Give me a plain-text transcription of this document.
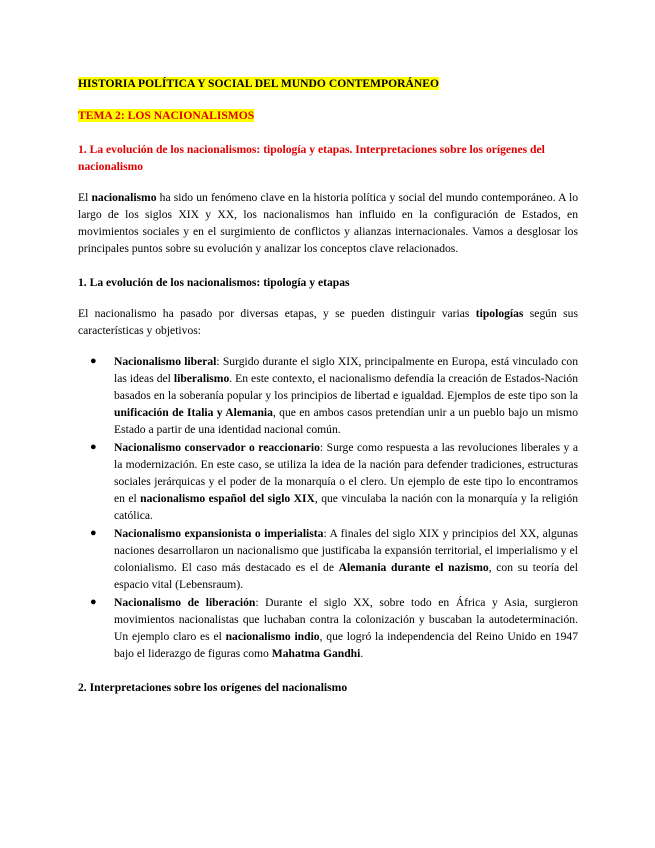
HISTORIA POLÍTICA Y SOCIAL DEL MUNDO CONTEMPORÁNEO

TEMA 2: LOS NACIONALISMOS

1. La evolución de los nacionalismos: tipología y etapas. Interpretaciones sobre los orígenes del nacionalismo

El nacionalismo ha sido un fenómeno clave en la historia política y social del mundo contemporáneo. A lo largo de los siglos XIX y XX, los nacionalismos han influido en la configuración de Estados, en movimientos sociales y en el surgimiento de conflictos y alianzas internacionales. Vamos a desglosar los principales puntos sobre su evolución y analizar los conceptos clave relacionados.

1. La evolución de los nacionalismos: tipología y etapas

El nacionalismo ha pasado por diversas etapas, y se pueden distinguir varias tipologías según sus características y objetivos:

● Nacionalismo liberal: Surgido durante el siglo XIX, principalmente en Europa, está vinculado con las ideas del liberalismo. En este contexto, el nacionalismo defendía la creación de Estados-Nación basados en la soberanía popular y los principios de libertad e igualdad. Ejemplos de este tipo son la unificación de Italia y Alemania, que en ambos casos pretendían unir a un pueblo bajo un mismo Estado a partir de una identidad nacional común.
● Nacionalismo conservador o reaccionario: Surge como respuesta a las revoluciones liberales y a la modernización. En este caso, se utiliza la idea de la nación para defender tradiciones, estructuras sociales jerárquicas y el poder de la monarquía o el clero. Un ejemplo de este tipo lo encontramos en el nacionalismo español del siglo XIX, que vinculaba la nación con la monarquía y la religión católica.
● Nacionalismo expansionista o imperialista: A finales del siglo XIX y principios del XX, algunas naciones desarrollaron un nacionalismo que justificaba la expansión territorial, el imperialismo y el colonialismo. El caso más destacado es el de Alemania durante el nazismo, con su teoría del espacio vital (Lebensraum).
● Nacionalismo de liberación: Durante el siglo XX, sobre todo en África y Asia, surgieron movimientos nacionalistas que luchaban contra la colonización y buscaban la autodeterminación. Un ejemplo claro es el nacionalismo indio, que logró la independencia del Reino Unido en 1947 bajo el liderazgo de figuras como Mahatma Gandhi.

2. Interpretaciones sobre los orígenes del nacionalismo
